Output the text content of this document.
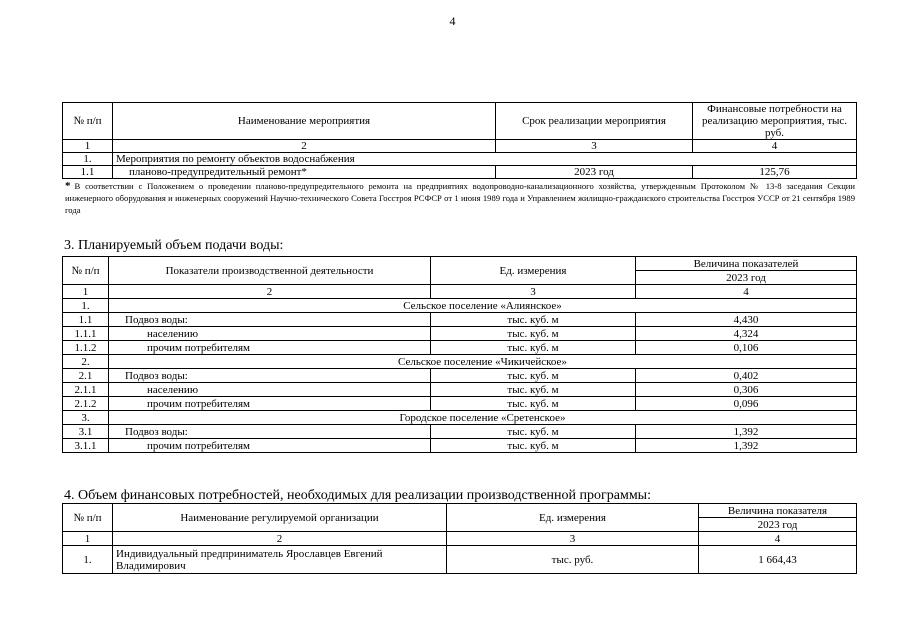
4
№ п/п	Наименование мероприятия	Срок реализации мероприятия	Финансовые потребности на реализацию мероприятия, тыс. руб.
1	2	3	4
1.	Мероприятия по ремонту объектов водоснабжения		
1.1	планово-предупредительный ремонт*	2023 год	125,76
* В соответствии с Положением о проведении планово-предупредительного ремонта на предприятиях водопроводно-канализационного хозяйства, утвержденным Протоколом № 13-8 заседания Секции инженерного оборудования и инженерных сооружений Научно-технического Совета Госстроя РСФСР от 1 июня 1989 года и Управлением жилищно-гражданского строительства Госстроя УССР от 21 сентября 1989 года
3. Планируемый объем подачи воды:
№ п/п	Показатели производственной деятельности	Ед. измерения	Величина показателей
			2023 год
1	2	3	4
1.	Сельское поселение «Алиянское»		
1.1	Подвоз воды:	тыс. куб. м	4,430
1.1.1	населению	тыс. куб. м	4,324
1.1.2	прочим потребителям	тыс. куб. м	0,106
2.	Сельское поселение «Чикичейское»		
2.1	Подвоз воды:	тыс. куб. м	0,402
2.1.1	населению	тыс. куб. м	0,306
2.1.2	прочим потребителям	тыс. куб. м	0,096
3.	Городское поселение «Сретенское»		
3.1	Подвоз воды:	тыс. куб. м	1,392
3.1.1	прочим потребителям	тыс. куб. м	1,392
4. Объем финансовых потребностей, необходимых для реализации производственной программы:
№ п/п	Наименование регулируемой организации	Ед. измерения	Величина показателя
			2023 год
1	2	3	4
1.	Индивидуальный предприниматель Ярославцев Евгений Владимирович	тыс. руб.	1 664,43
